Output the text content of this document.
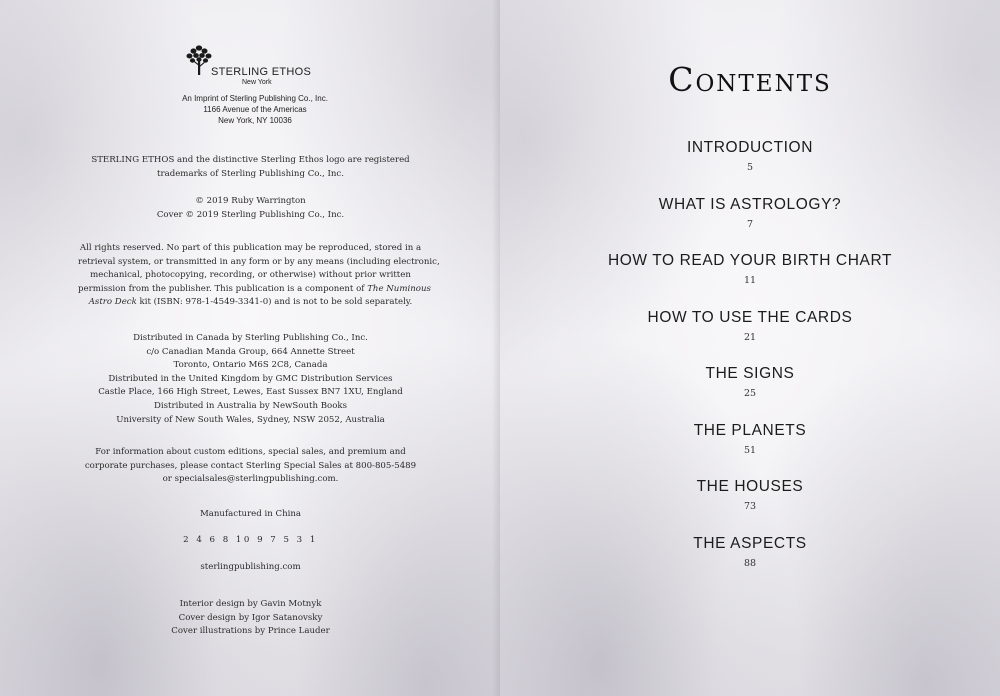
STERLING ETHOS
New York
An Imprint of Sterling Publishing Co., Inc.
1166 Avenue of the Americas
New York, NY 10036
STERLING ETHOS and the distinctive Sterling Ethos logo are registered
trademarks of Sterling Publishing Co., Inc.
© 2019 Ruby Warrington
Cover © 2019 Sterling Publishing Co., Inc.
All rights reserved. No part of this publication may be reproduced, stored in a
retrieval system, or transmitted in any form or by any means (including electronic,
mechanical, photocopying, recording, or otherwise) without prior written
permission from the publisher. This publication is a component of The Numinous
Astro Deck kit (ISBN: 978-1-4549-3341-0) and is not to be sold separately.
Distributed in Canada by Sterling Publishing Co., Inc.
c/o Canadian Manda Group, 664 Annette Street
Toronto, Ontario M6S 2C8, Canada
Distributed in the United Kingdom by GMC Distribution Services
Castle Place, 166 High Street, Lewes, East Sussex BN7 1XU, England
Distributed in Australia by NewSouth Books
University of New South Wales, Sydney, NSW 2052, Australia
For information about custom editions, special sales, and premium and
corporate purchases, please contact Sterling Special Sales at 800-805-5489
or specialsales@sterlingpublishing.com.
Manufactured in China
2 4 6 8 10 9 7 5 3 1
sterlingpublishing.com
Interior design by Gavin Motnyk
Cover design by Igor Satanovsky
Cover illustrations by Prince Lauder
Contents
INTRODUCTION
5
WHAT IS ASTROLOGY?
7
HOW TO READ YOUR BIRTH CHART
11
HOW TO USE THE CARDS
21
THE SIGNS
25
THE PLANETS
51
THE HOUSES
73
THE ASPECTS
88
